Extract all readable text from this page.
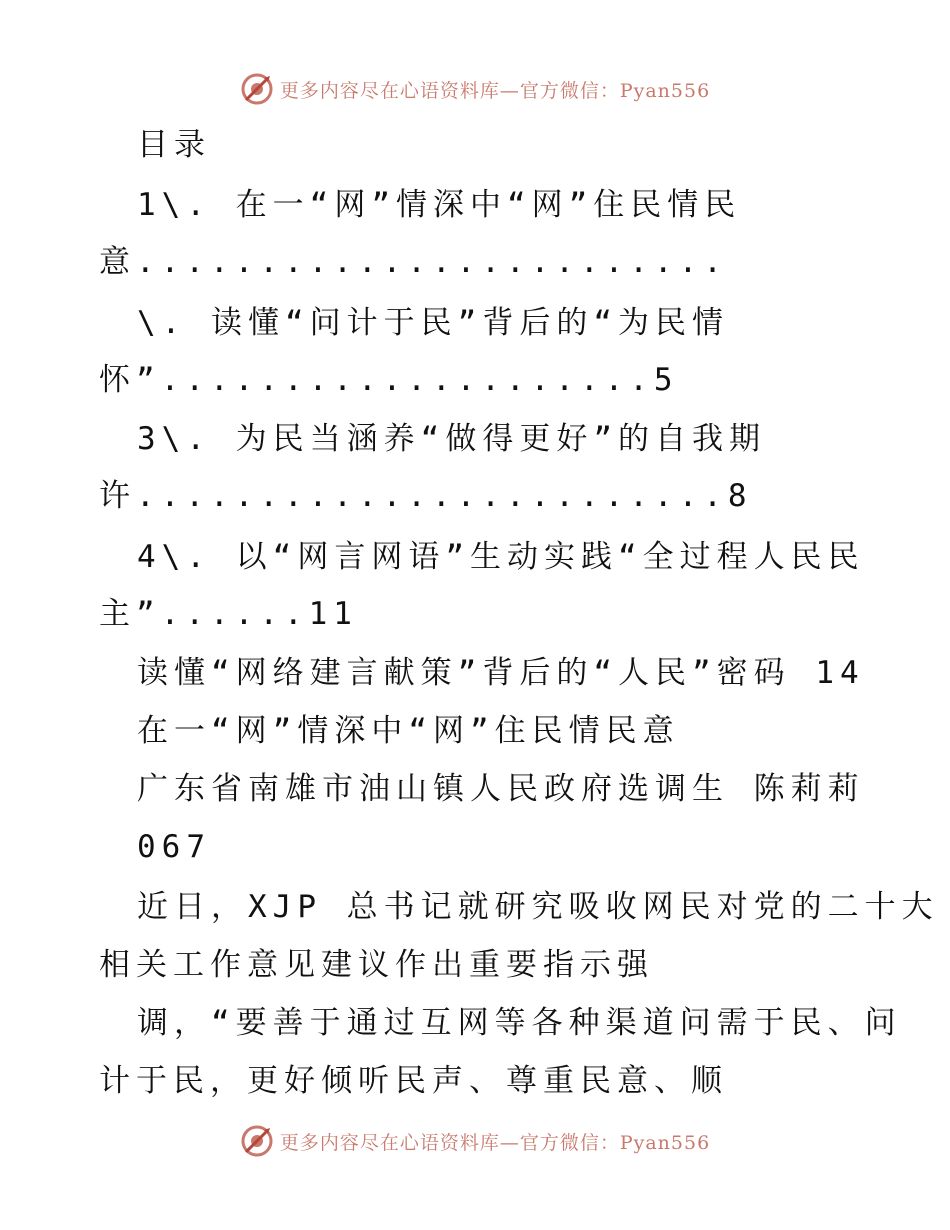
更多内容尽在心语资料库—官方微信：Pyan556
目录
1\. 在一“网”情深中“网”住民情民
意........................
\. 读懂“问计于民”背后的“为民情
怀”....................5
3\. 为民当涵养“做得更好”的自我期
许........................8
4\. 以“网言网语”生动实践“全过程人民民
主”......11
读懂“网络建言献策”背后的“人民”密码 14
在一“网”情深中“网”住民情民意
广东省南雄市油山镇人民政府选调生 陈莉莉
067
近日，XJP 总书记就研究吸收网民对党的二十大
相关工作意见建议作出重要指示强
调，“要善于通过互网等各种渠道问需于民、问
计于民，更好倾听民声、尊重民意、顺
更多内容尽在心语资料库—官方微信：Pyan556
